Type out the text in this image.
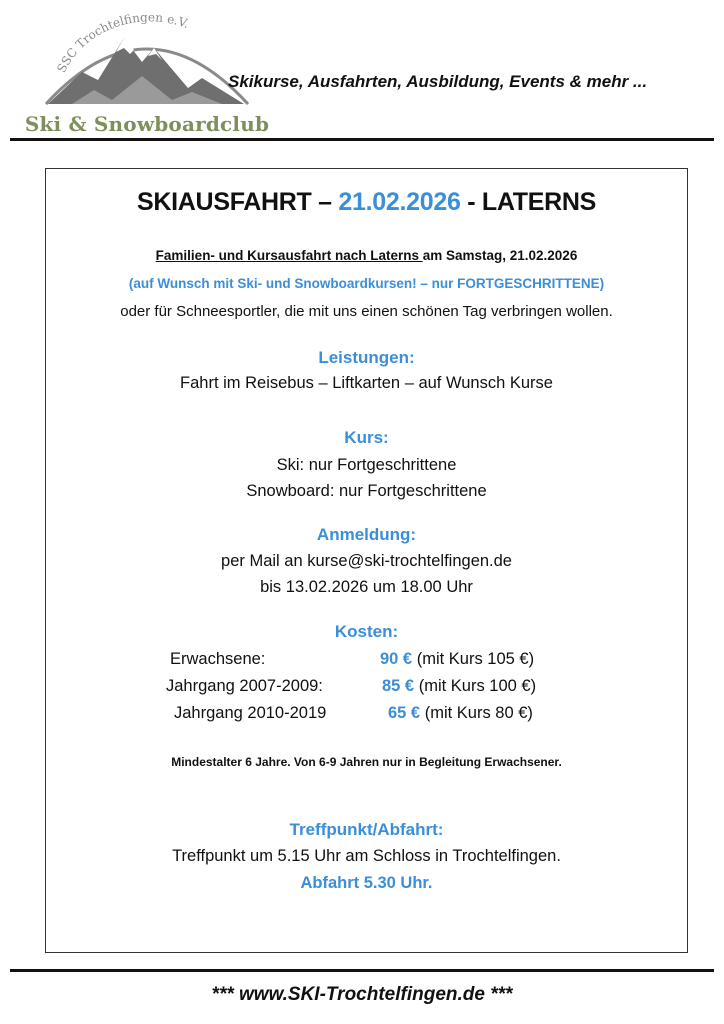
SSC Trochtelfingen e.V.
Ski & Snowboardclub
Skikurse, Ausfahrten, Ausbildung, Events & mehr ...
SKIAUSFAHRT – 21.02.2026 - LATERNS
Familien- und Kursausfahrt nach Laterns am Samstag, 21.02.2026
(auf Wunsch mit Ski- und Snowboardkursen! – nur FORTGESCHRITTENE)
oder für Schneesportler, die mit uns einen schönen Tag verbringen wollen.
Leistungen:
Fahrt im Reisebus – Liftkarten – auf Wunsch Kurse
Kurs:
Ski: nur Fortgeschrittene
Snowboard: nur Fortgeschrittene
Anmeldung:
per Mail an kurse@ski-trochtelfingen.de
bis 13.02.2026 um 18.00 Uhr
Kosten:
Erwachsene:	90 € (mit Kurs 105 €)
Jahrgang 2007-2009:	85 € (mit Kurs 100 €)
Jahrgang 2010-2019	65 € (mit Kurs 80 €)
Mindestalter 6 Jahre. Von 6-9 Jahren nur in Begleitung Erwachsener.
Treffpunkt/Abfahrt:
Treffpunkt um 5.15 Uhr am Schloss in Trochtelfingen.
Abfahrt 5.30 Uhr.
*** www.SKI-Trochtelfingen.de ***
